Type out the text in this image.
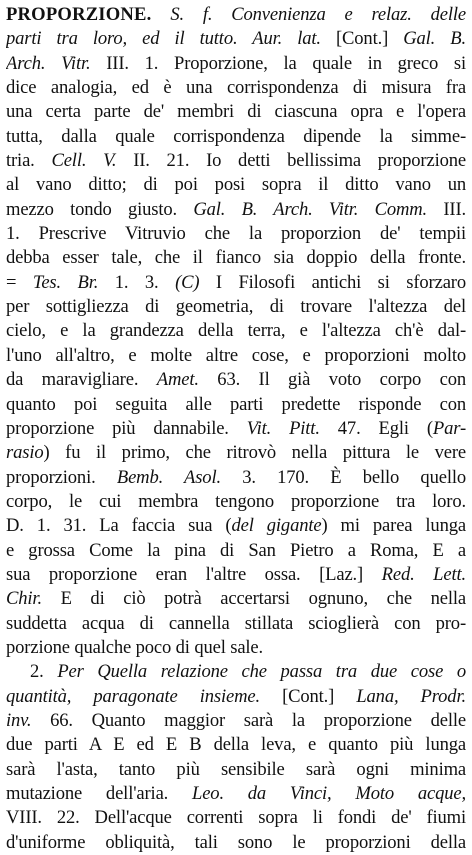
PROPORZIONE. S. f. Convenienza e relaz. delle
parti tra loro, ed il tutto. Aur. lat. [Cont.] Gal. B.
Arch. Vitr. III. 1. Proporzione, la quale in greco si
dice analogia, ed è una corrispondenza di misura fra
una certa parte de' membri di ciascuna opra e l'opera
tutta, dalla quale corrispondenza dipende la simme-
tria. Cell. V. II. 21. Io detti bellissima proporzione
al vano ditto; di poi posi sopra il ditto vano un
mezzo tondo giusto. Gal. B. Arch. Vitr. Comm. III.
1. Prescrive Vitruvio che la proporzion de' tempii
debba esser tale, che il fianco sia doppio della fronte.
= Tes. Br. 1. 3. (C) I Filosofi antichi si sforzaro
per sottigliezza di geometria, di trovare l'altezza del
cielo, e la grandezza della terra, e l'altezza ch'è dal-
l'uno all'altro, e molte altre cose, e proporzioni molto
da maravigliare. Amet. 63. Il già voto corpo con
quanto poi seguita alle parti predette risponde con
proporzione più dannabile. Vit. Pitt. 47. Egli (Par-
rasio) fu il primo, che ritrovò nella pittura le vere
proporzioni. Bemb. Asol. 3. 170. È bello quello
corpo, le cui membra tengono proporzione tra loro.
D. 1. 31. La faccia sua (del gigante) mi parea lunga
e grossa Come la pina di San Pietro a Roma, E a
sua proporzione eran l'altre ossa. [Laz.] Red. Lett.
Chir. E di ciò potrà accertarsi ognuno, che nella
suddetta acqua di cannella stillata scioglierà con pro-
porzione qualche poco di quel sale.
2. Per Quella relazione che passa tra due cose o
quantità, paragonate insieme. [Cont.] Lana, Prodr.
inv. 66. Quanto maggior sarà la proporzione delle
due parti A E ed E B della leva, e quanto più lunga
sarà l'asta, tanto più sensibile sarà ogni minima
mutazione dell'aria. Leo. da Vinci, Moto acque,
VIII. 22. Dell'acque correnti sopra li fondi de' fiumi
d'uniforme obliquità, tali sono le proporzioni della
